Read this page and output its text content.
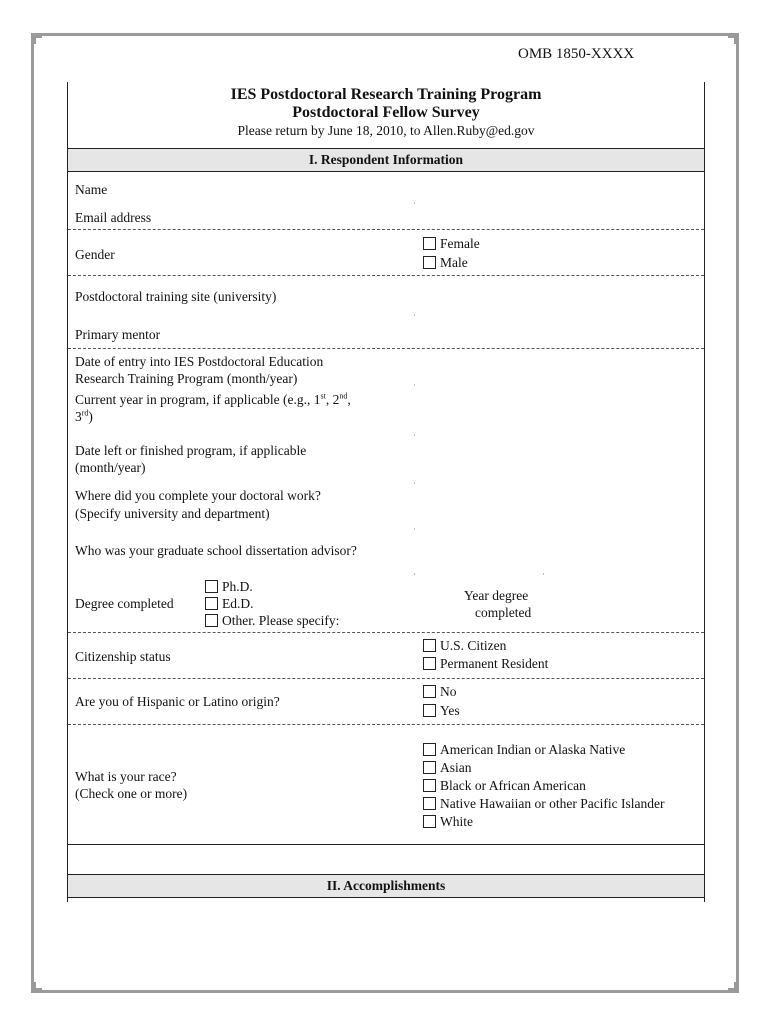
OMB 1850-XXXX
IES Postdoctoral Research Training Program
Postdoctoral Fellow Survey
Please return by June 18, 2010, to Allen.Ruby@ed.gov
I. Respondent Information
Name
Email address
Gender
Female
Male
Postdoctoral training site (university)
Primary mentor
Date of entry into IES Postdoctoral Education
Research Training Program (month/year)
Current year in program, if applicable (e.g., 1st, 2nd,
3rd)
Date left or finished program, if applicable
(month/year)
Where did you complete your doctoral work?
(Specify university and department)
Who was your graduate school dissertation advisor?
Degree completed
Ph.D.
Ed.D.
Other. Please specify:
Year degree
completed
Citizenship status
U.S. Citizen
Permanent Resident
Are you of Hispanic or Latino origin?
No
Yes
What is your race?
(Check one or more)
American Indian or Alaska Native
Asian
Black or African American
Native Hawaiian or other Pacific Islander
White
II. Accomplishments
